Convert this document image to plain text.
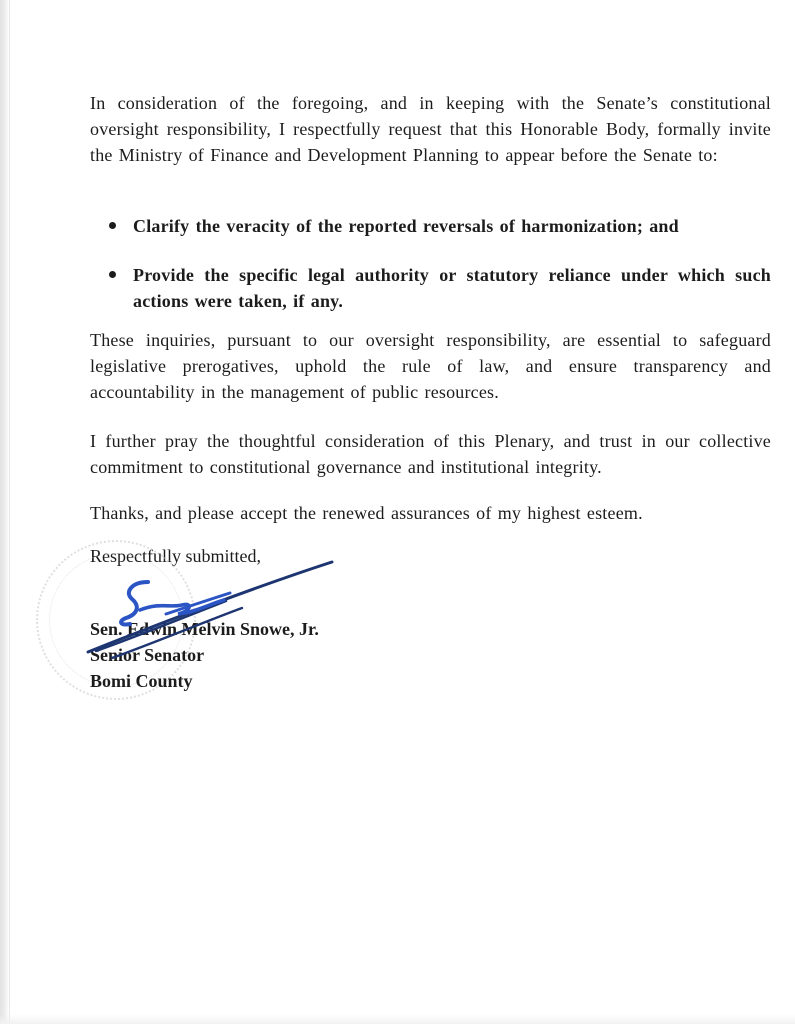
In consideration of the foregoing, and in keeping with the Senate’s constitutional oversight responsibility, I respectfully request that this Honorable Body, formally invite the Ministry of Finance and Development Planning to appear before the Senate to:
Clarify the veracity of the reported reversals of harmonization; and
Provide the specific legal authority or statutory reliance under which such actions were taken, if any.
These inquiries, pursuant to our oversight responsibility, are essential to safeguard legislative prerogatives, uphold the rule of law, and ensure transparency and accountability in the management of public resources.
I further pray the thoughtful consideration of this Plenary, and trust in our collective commitment to constitutional governance and institutional integrity.
Thanks, and please accept the renewed assurances of my highest esteem.
Respectfully submitted,
Sen. Edwin Melvin Snowe, Jr.
Senior Senator
Bomi County
